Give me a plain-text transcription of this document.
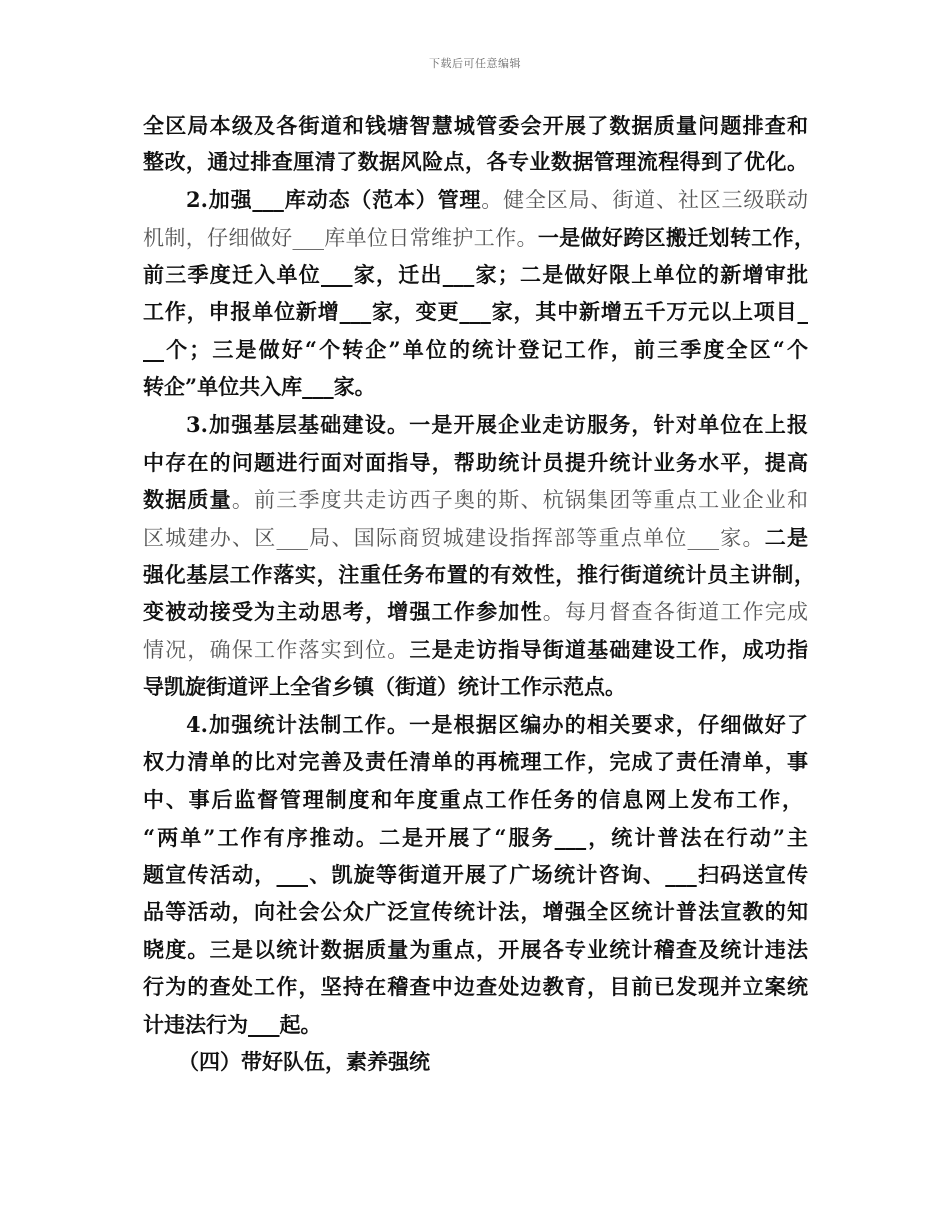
下载后可任意编辑
全区局本级及各街道和钱塘智慧城管委会开展了数据质量问题排查和
整改，通过排查厘清了数据风险点，各专业数据管理流程得到了优化。
2.加强___库动态（范本）管理。健全区局、街道、社区三级联动
机制，仔细做好___库单位日常维护工作。一是做好跨区搬迁划转工作，
前三季度迁入单位___家，迁出___家；二是做好限上单位的新增审批
工作，申报单位新增___家，变更___家，其中新增五千万元以上项目_
__个；三是做好“个转企”单位的统计登记工作，前三季度全区“个
转企”单位共入库___家。
3.加强基层基础建设。一是开展企业走访服务，针对单位在上报
中存在的问题进行面对面指导，帮助统计员提升统计业务水平，提高
数据质量。前三季度共走访西子奥的斯、杭锅集团等重点工业企业和
区城建办、区___局、国际商贸城建设指挥部等重点单位___家。二是
强化基层工作落实，注重任务布置的有效性，推行街道统计员主讲制，
变被动接受为主动思考，增强工作参加性。每月督查各街道工作完成
情况，确保工作落实到位。三是走访指导街道基础建设工作，成功指
导凯旋街道评上全省乡镇（街道）统计工作示范点。
4.加强统计法制工作。一是根据区编办的相关要求，仔细做好了
权力清单的比对完善及责任清单的再梳理工作，完成了责任清单，事
中、事后监督管理制度和年度重点工作任务的信息网上发布工作，
“两单”工作有序推动。二是开展了“服务___，统计普法在行动”主
题宣传活动，___、凯旋等街道开展了广场统计咨询、___扫码送宣传
品等活动，向社会公众广泛宣传统计法，增强全区统计普法宣教的知
晓度。三是以统计数据质量为重点，开展各专业统计稽查及统计违法
行为的查处工作，坚持在稽查中边查处边教育，目前已发现并立案统
计违法行为___起。
（四）带好队伍，素养强统
